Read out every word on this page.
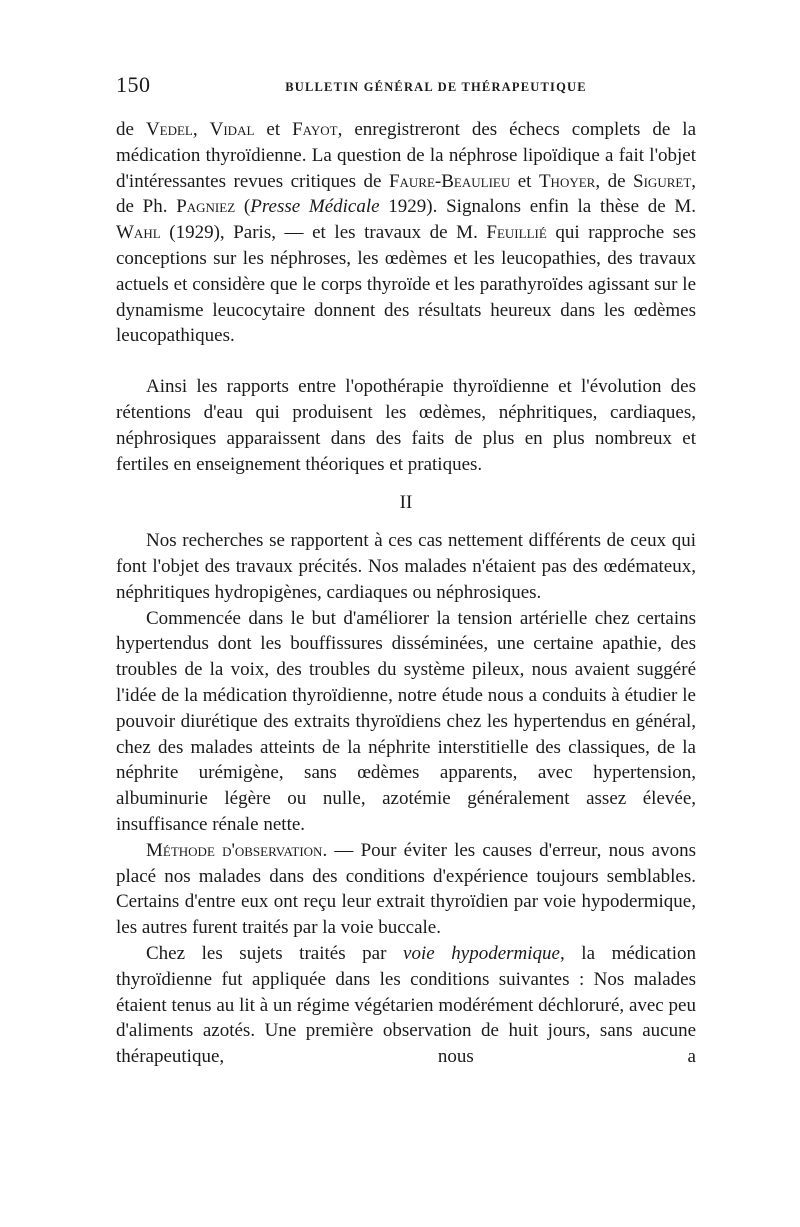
150	BULLETIN GÉNÉRAL DE THÉRAPEUTIQUE

de Vedel, Vidal et Fayot, enregistreront des échecs complets de la médication thyroïdienne. La question de la néphrose lipoïdique a fait l'objet d'intéressantes revues critiques de Faure-Beaulieu et Thoyer, de Siguret, de Ph. Pagniez (Presse Médicale 1929). Signalons enfin la thèse de M. Wahl (1929), Paris, — et les travaux de M. Feuillié qui rapproche ses conceptions sur les néphroses, les œdèmes et les leucopathies, des travaux actuels et considère que le corps thyroïde et les parathyroïdes agissant sur le dynamisme leucocytaire donnent des résultats heureux dans les œdèmes leucopathiques.

Ainsi les rapports entre l'opothérapie thyroïdienne et l'évolution des rétentions d'eau qui produisent les œdèmes, néphritiques, cardiaques, néphrosiques apparaissent dans des faits de plus en plus nombreux et fertiles en enseignement théoriques et pratiques.

II

Nos recherches se rapportent à ces cas nettement différents de ceux qui font l'objet des travaux précités. Nos malades n'étaient pas des œdémateux, néphritiques hydropigènes, cardiaques ou néphrosiques.

Commencée dans le but d'améliorer la tension artérielle chez certains hypertendus dont les bouffissures disséminées, une certaine apathie, des troubles de la voix, des troubles du système pileux, nous avaient suggéré l'idée de la médication thyroïdienne, notre étude nous a conduits à étudier le pouvoir diurétique des extraits thyroïdiens chez les hypertendus en général, chez des malades atteints de la néphrite interstitielle des classiques, de la néphrite urémigène, sans œdèmes apparents, avec hypertension, albuminurie légère ou nulle, azotémie généralement assez élevée, insuffisance rénale nette.

Méthode d'observation. — Pour éviter les causes d'erreur, nous avons placé nos malades dans des conditions d'expérience toujours semblables. Certains d'entre eux ont reçu leur extrait thyroïdien par voie hypodermique, les autres furent traités par la voie buccale.

Chez les sujets traités par voie hypodermique, la médication thyroïdienne fut appliquée dans les conditions suivantes : Nos malades étaient tenus au lit à un régime végétarien modérément déchloruré, avec peu d'aliments azotés. Une première observation de huit jours, sans aucune thérapeutique, nous a
